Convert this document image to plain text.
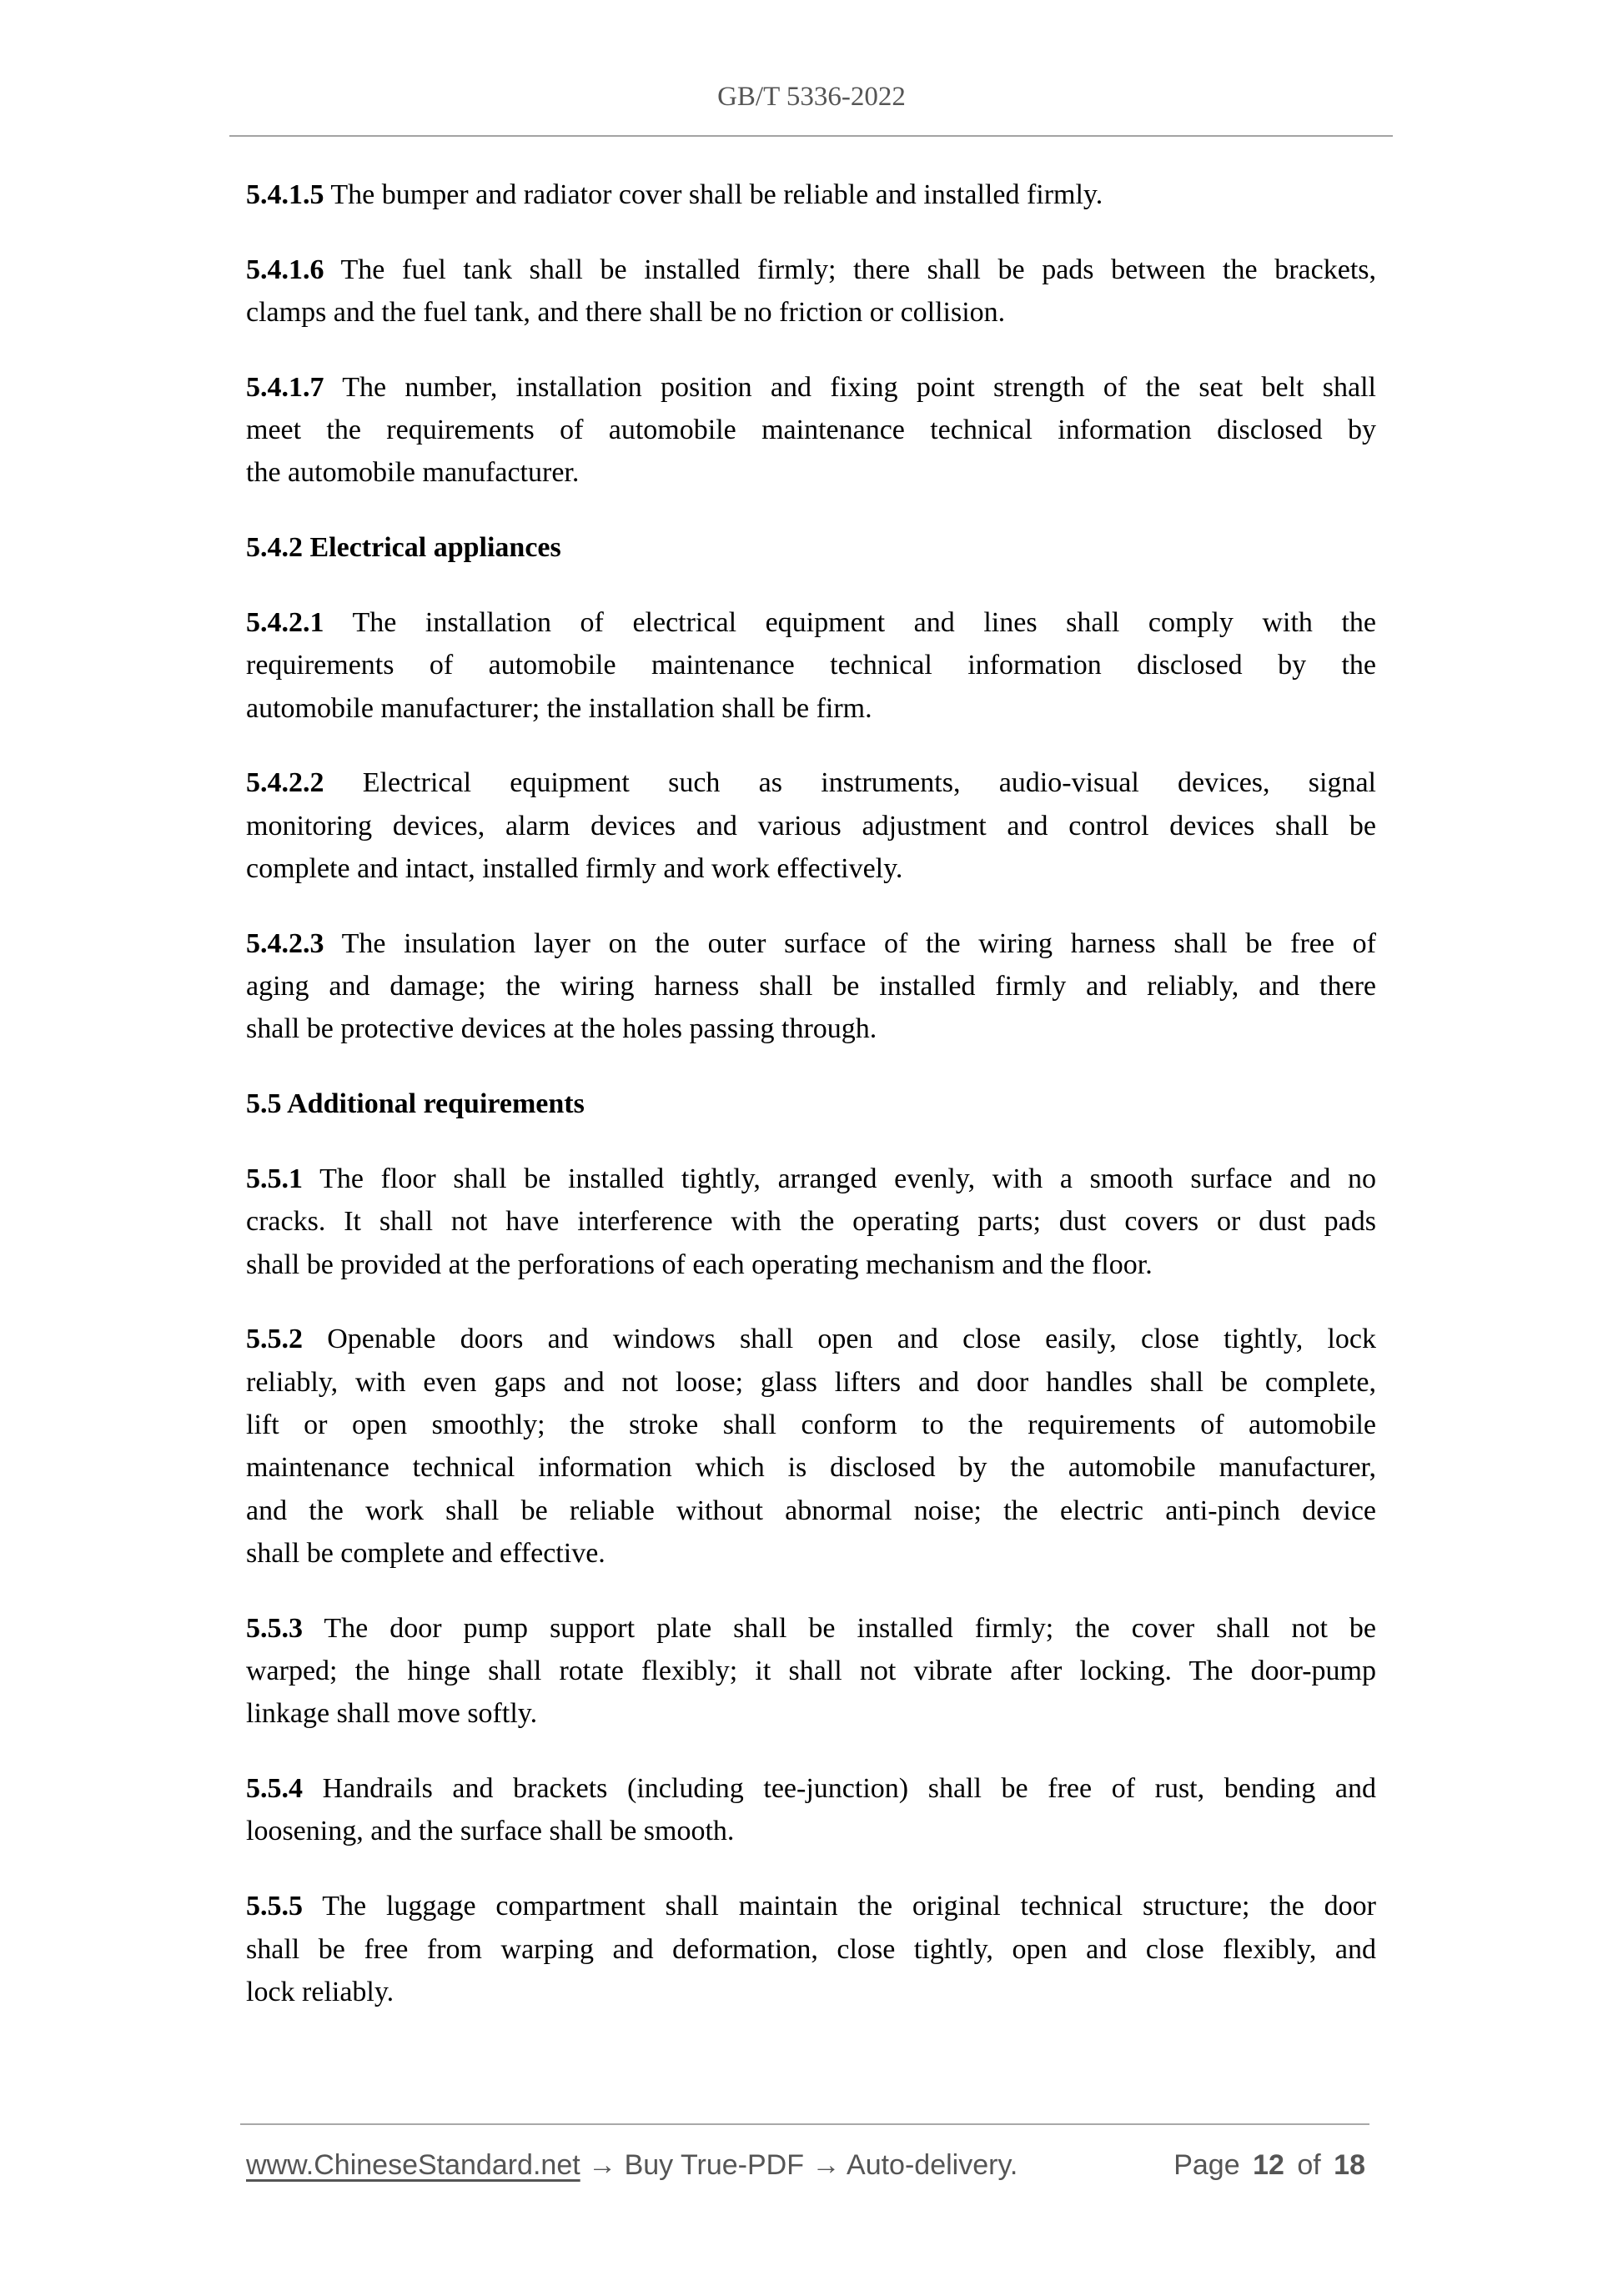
GB/T 5336-2022
5.4.1.5 The bumper and radiator cover shall be reliable and installed firmly.
5.4.1.6 The fuel tank shall be installed firmly; there shall be pads between the brackets,
clamps and the fuel tank, and there shall be no friction or collision.
5.4.1.7 The number, installation position and fixing point strength of the seat belt shall
meet the requirements of automobile maintenance technical information disclosed by
the automobile manufacturer.
5.4.2 Electrical appliances
5.4.2.1 The installation of electrical equipment and lines shall comply with the
requirements of automobile maintenance technical information disclosed by the
automobile manufacturer; the installation shall be firm.
5.4.2.2 Electrical equipment such as instruments, audio-visual devices, signal
monitoring devices, alarm devices and various adjustment and control devices shall be
complete and intact, installed firmly and work effectively.
5.4.2.3 The insulation layer on the outer surface of the wiring harness shall be free of
aging and damage; the wiring harness shall be installed firmly and reliably, and there
shall be protective devices at the holes passing through.
5.5 Additional requirements
5.5.1 The floor shall be installed tightly, arranged evenly, with a smooth surface and no
cracks. It shall not have interference with the operating parts; dust covers or dust pads
shall be provided at the perforations of each operating mechanism and the floor.
5.5.2 Openable doors and windows shall open and close easily, close tightly, lock
reliably, with even gaps and not loose; glass lifters and door handles shall be complete,
lift or open smoothly; the stroke shall conform to the requirements of automobile
maintenance technical information which is disclosed by the automobile manufacturer,
and the work shall be reliable without abnormal noise; the electric anti-pinch device
shall be complete and effective.
5.5.3 The door pump support plate shall be installed firmly; the cover shall not be
warped; the hinge shall rotate flexibly; it shall not vibrate after locking. The door-pump
linkage shall move softly.
5.5.4 Handrails and brackets (including tee-junction) shall be free of rust, bending and
loosening, and the surface shall be smooth.
5.5.5 The luggage compartment shall maintain the original technical structure; the door
shall be free from warping and deformation, close tightly, open and close flexibly, and
lock reliably.
www.ChineseStandard.net → Buy True-PDF → Auto-delivery.	Page 12 of 18
